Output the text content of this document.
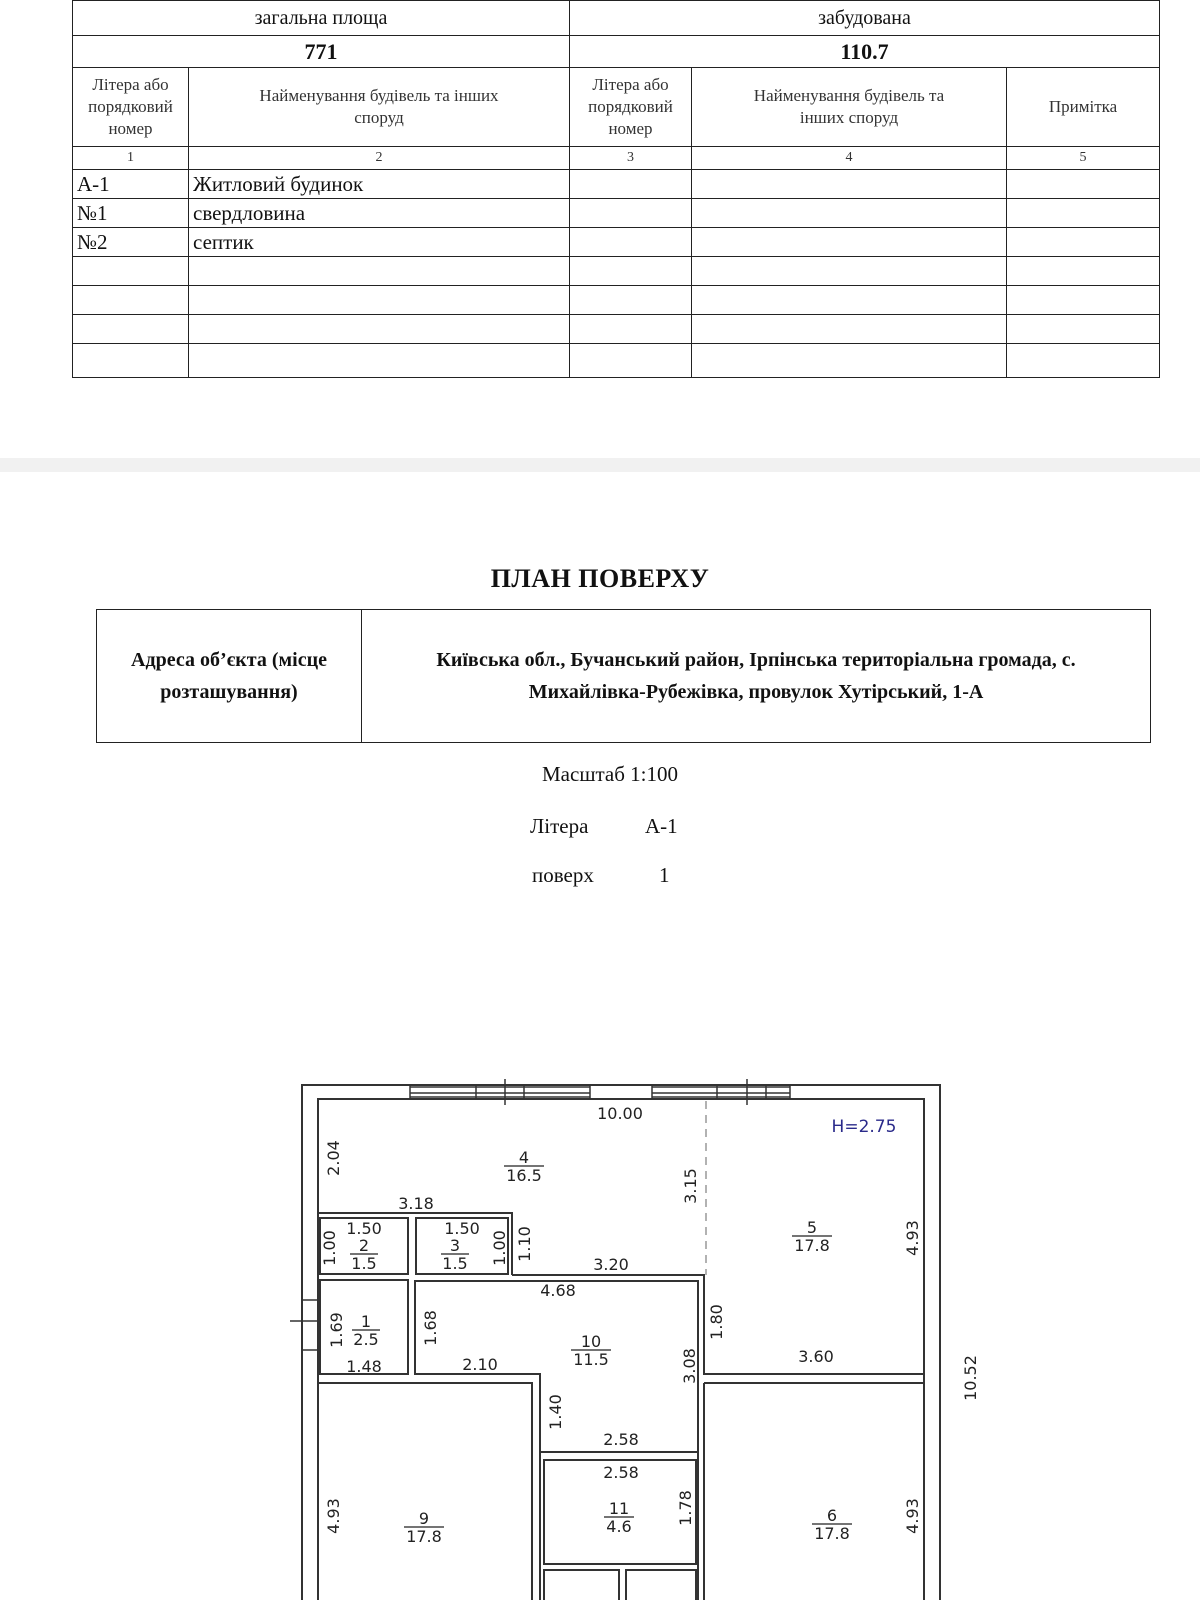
загальна площа		забудована		
771		110.7		
Літера або порядковий номер	Найменування будівель та інших споруд	Літера або порядковий номер	Найменування будівель та інших споруд	Примітка
1	2	3	4	5
А-1	Житловий будинок			
№1	свердловина			
№2	септик			

ПЛАН ПОВЕРХУ
Адреса об’єкта (місце розташування)	Київська обл., Бучанський район, Ірпінська територіальна громада, с. Михайлівка-Рубежівка, провулок Хутірський, 1-А
Масштаб 1:100
Літера	А-1
поверх	1
10.00
3.18
1.50	1.50
3.20
4.68
1.48	2.10	3.60
2.58
2.58
H=2.75
4
16.5
5
17.8
2
1.5
3
1.5
1
2.5	10
11.5
9
17.8
11
4.6
6
17.8
2.04
3.15
4.93
1.00	1.00 1.10
1.69	1.68
3.08
1.80
1.40
1.78
4.93	4.93
10.52
